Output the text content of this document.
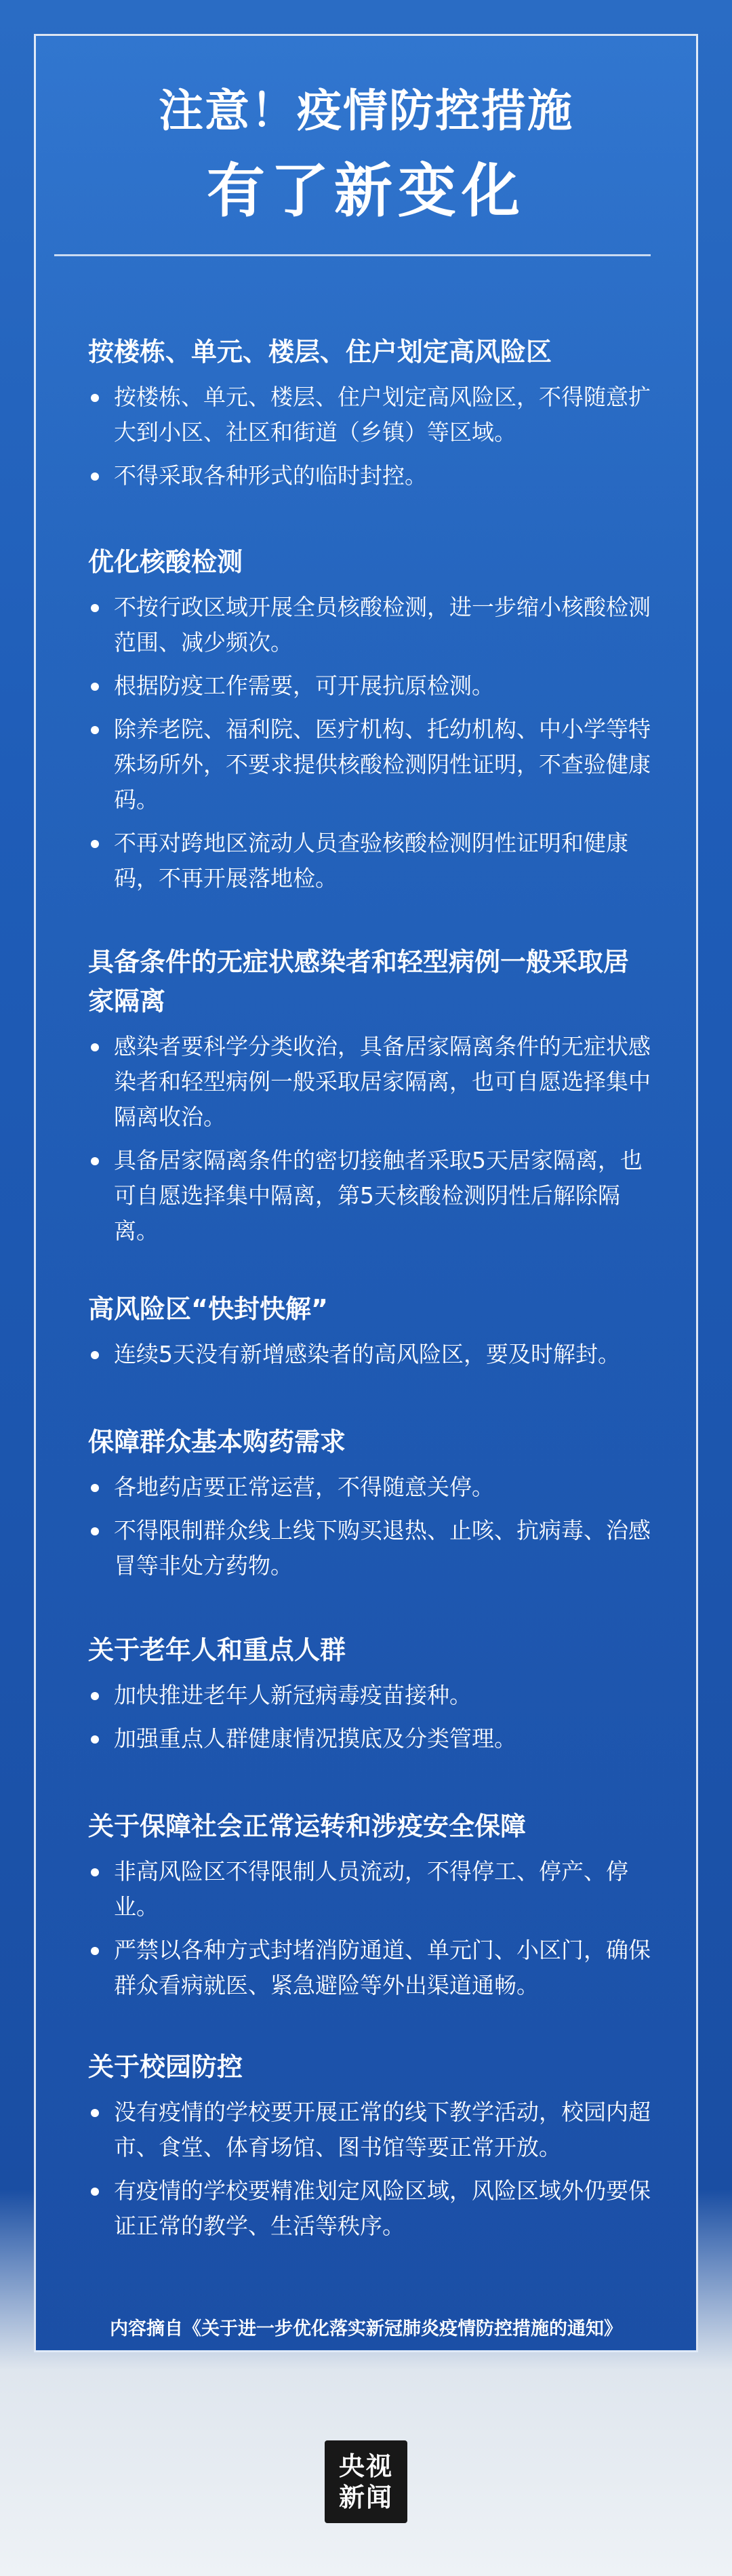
注意！疫情防控措施
有了新变化
按楼栋、单元、楼层、住户划定高风险区
按楼栋、单元、楼层、住户划定高风险区，不得随意扩大到小区、社区和街道（乡镇）等区域。
不得采取各种形式的临时封控。
优化核酸检测
不按行政区域开展全员核酸检测，进一步缩小核酸检测范围、减少频次。
根据防疫工作需要，可开展抗原检测。
除养老院、福利院、医疗机构、托幼机构、中小学等特殊场所外，不要求提供核酸检测阴性证明，不查验健康码。
不再对跨地区流动人员查验核酸检测阴性证明和健康码，不再开展落地检。
具备条件的无症状感染者和轻型病例一般采取居家隔离
感染者要科学分类收治，具备居家隔离条件的无症状感染者和轻型病例一般采取居家隔离，也可自愿选择集中隔离收治。
具备居家隔离条件的密切接触者采取5天居家隔离，也可自愿选择集中隔离，第5天核酸检测阴性后解除隔离。
高风险区“快封快解”
连续5天没有新增感染者的高风险区，要及时解封。
保障群众基本购药需求
各地药店要正常运营，不得随意关停。
不得限制群众线上线下购买退热、止咳、抗病毒、治感冒等非处方药物。
关于老年人和重点人群
加快推进老年人新冠病毒疫苗接种。
加强重点人群健康情况摸底及分类管理。
关于保障社会正常运转和涉疫安全保障
非高风险区不得限制人员流动，不得停工、停产、停业。
严禁以各种方式封堵消防通道、单元门、小区门，确保群众看病就医、紧急避险等外出渠道通畅。
关于校园防控
没有疫情的学校要开展正常的线下教学活动，校园内超市、食堂、体育场馆、图书馆等要正常开放。
有疫情的学校要精准划定风险区域，风险区域外仍要保证正常的教学、生活等秩序。
内容摘自《关于进一步优化落实新冠肺炎疫情防控措施的通知》
央视
新闻
